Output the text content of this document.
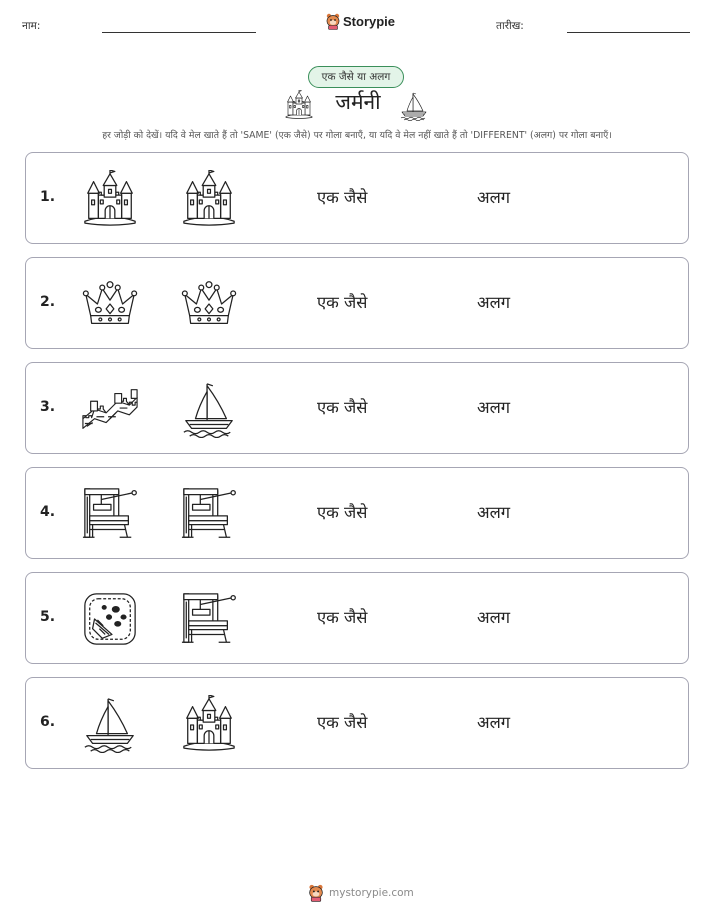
नाम:	Storypie	तारीख:
एक जैसे या अलग
जर्मनी
हर जोड़ी को देखें। यदि वे मेल खाते हैं तो 'SAME' (एक जैसे) पर गोला बनाएँ, या यदि वे मेल नहीं खाते हैं तो 'DIFFERENT' (अलग) पर गोला बनाएँ।
1.	एक जैसे	अलग
2.	एक जैसे	अलग
3.	एक जैसे	अलग
4.	एक जैसे	अलग
5.	एक जैसे	अलग
6.	एक जैसे	अलग
mystorypie.com
